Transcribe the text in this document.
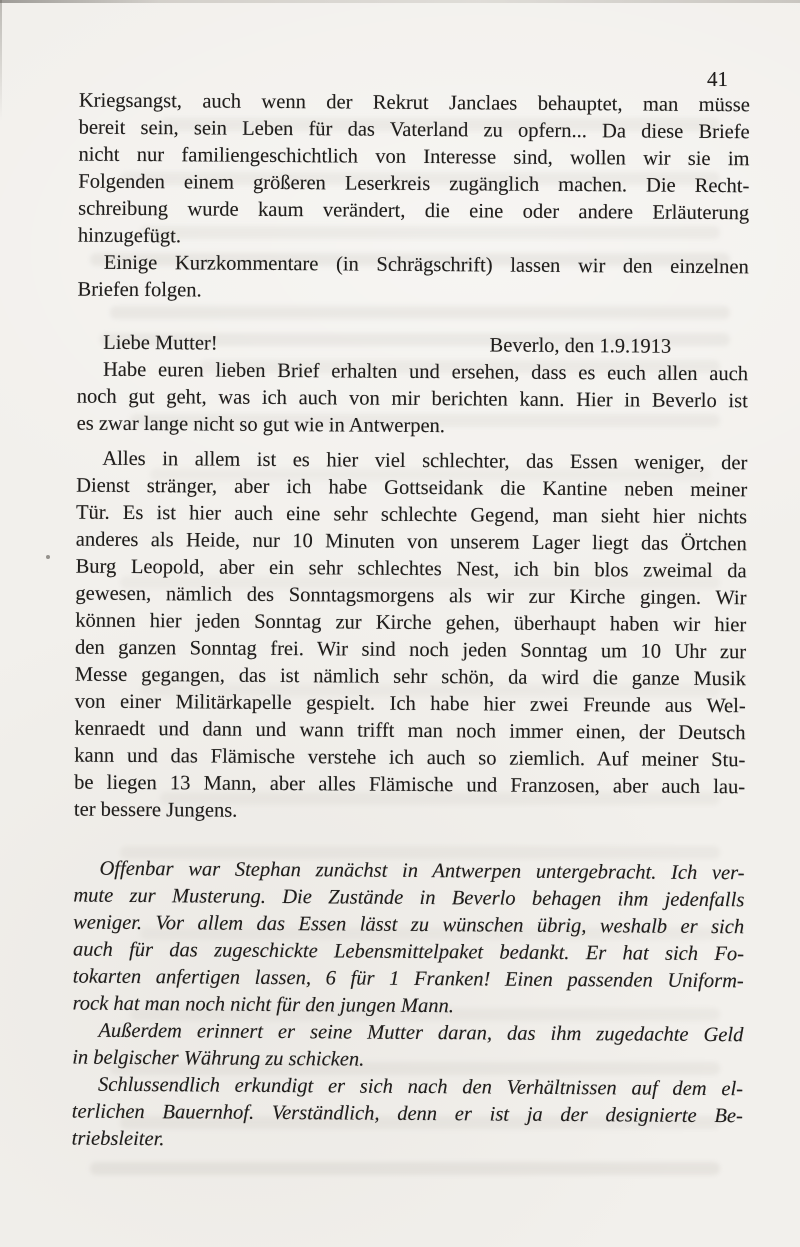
41
Kriegsangst, auch wenn der Rekrut Janclaes behauptet, man müsse
bereit sein, sein Leben für das Vaterland zu opfern... Da diese Briefe
nicht nur familiengeschichtlich von Interesse sind, wollen wir sie im
Folgenden einem größeren Leserkreis zugänglich machen. Die Recht-
schreibung wurde kaum verändert, die eine oder andere Erläuterung
hinzugefügt.
Einige Kurzkommentare (in Schrägschrift) lassen wir den einzelnen
Briefen folgen.
Liebe Mutter!	Beverlo, den 1.9.1913
Habe euren lieben Brief erhalten und ersehen, dass es euch allen auch
noch gut geht, was ich auch von mir berichten kann. Hier in Beverlo ist
es zwar lange nicht so gut wie in Antwerpen.
Alles in allem ist es hier viel schlechter, das Essen weniger, der
Dienst stränger, aber ich habe Gottseidank die Kantine neben meiner
Tür. Es ist hier auch eine sehr schlechte Gegend, man sieht hier nichts
anderes als Heide, nur 10 Minuten von unserem Lager liegt das Örtchen
Burg Leopold, aber ein sehr schlechtes Nest, ich bin blos zweimal da
gewesen, nämlich des Sonntagsmorgens als wir zur Kirche gingen. Wir
können hier jeden Sonntag zur Kirche gehen, überhaupt haben wir hier
den ganzen Sonntag frei. Wir sind noch jeden Sonntag um 10 Uhr zur
Messe gegangen, das ist nämlich sehr schön, da wird die ganze Musik
von einer Militärkapelle gespielt. Ich habe hier zwei Freunde aus Wel-
kenraedt und dann und wann trifft man noch immer einen, der Deutsch
kann und das Flämische verstehe ich auch so ziemlich. Auf meiner Stu-
be liegen 13 Mann, aber alles Flämische und Franzosen, aber auch lau-
ter bessere Jungens.
Offenbar war Stephan zunächst in Antwerpen untergebracht. Ich ver-
mute zur Musterung. Die Zustände in Beverlo behagen ihm jedenfalls
weniger. Vor allem das Essen lässt zu wünschen übrig, weshalb er sich
auch für das zugeschickte Lebensmittelpaket bedankt. Er hat sich Fo-
tokarten anfertigen lassen, 6 für 1 Franken! Einen passenden Uniform-
rock hat man noch nicht für den jungen Mann.
Außerdem erinnert er seine Mutter daran, das ihm zugedachte Geld
in belgischer Währung zu schicken.
Schlussendlich erkundigt er sich nach den Verhältnissen auf dem el-
terlichen Bauernhof. Verständlich, denn er ist ja der designierte Be-
triebsleiter.
